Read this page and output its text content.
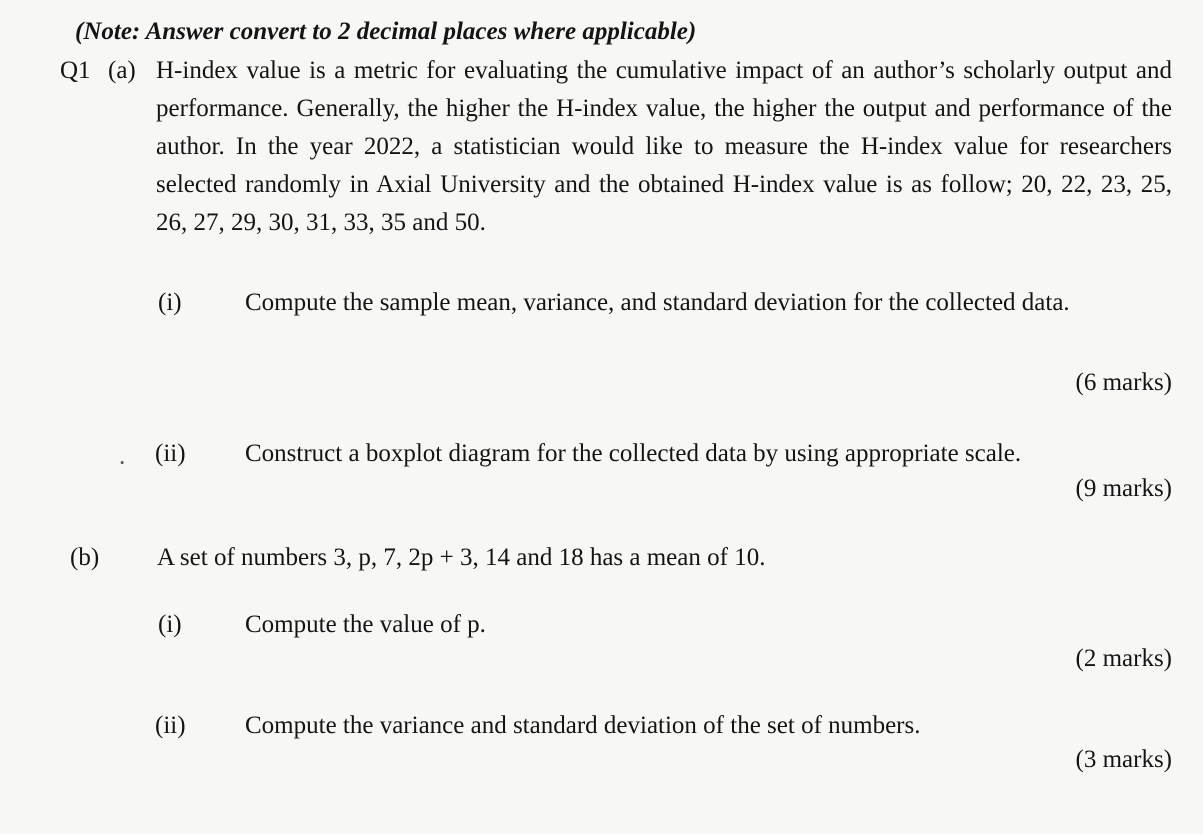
(Note: Answer convert to 2 decimal places where applicable)
Q1 (a) H-index value is a metric for evaluating the cumulative impact of an author’s scholarly output and performance. Generally, the higher the H-index value, the higher the output and performance of the author. In the year 2022, a statistician would like to measure the H-index value for researchers selected randomly in Axial University and the obtained H-index value is as follow; 20, 22, 23, 25, 26, 27, 29, 30, 31, 33, 35 and 50.
(i)	Compute the sample mean, variance, and standard deviation for the collected data.
(6 marks)
· (ii) Construct a boxplot diagram for the collected data by using appropriate scale.
(9 marks)
(b) A set of numbers 3, p, 7, 2p + 3, 14 and 18 has a mean of 10.
(i)	Compute the value of p.
(2 marks)
(ii) Compute the variance and standard deviation of the set of numbers.
(3 marks)
